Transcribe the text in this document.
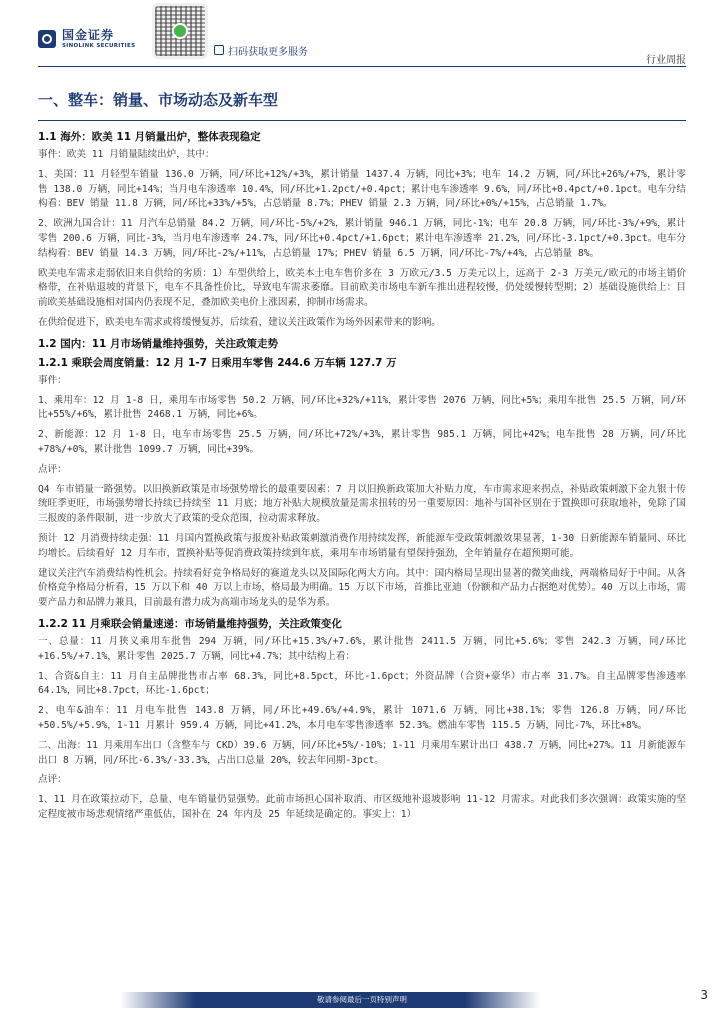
国金证券
SINOLINK SECURITIES
扫码获取更多服务
行业周报
一、整车：销量、市场动态及新车型
1.1 海外：欧美 11 月销量出炉，整体表现稳定

事件：欧美 11 月销量陆续出炉，其中：

1、美国：11 月轻型车销量 136.0 万辆，同/环比+12%/+3%，累计销量 1437.4 万辆，同比+3%；电车 14.2 万辆，同/环比+26%/+7%，累计零售 138.0 万辆，同比+14%；当月电车渗透率 10.4%，同/环比+1.2pct/+0.4pct；累计电车渗透率 9.6%，同/环比+0.4pct/+0.1pct。电车分结构看：BEV 销量 11.8 万辆，同/环比+33%/+5%，占总销量 8.7%；PHEV 销量 2.3 万辆，同/环比+0%/+15%，占总销量 1.7%。

2、欧洲九国合计：11 月汽车总销量 84.2 万辆，同/环比-5%/+2%，累计销量 946.1 万辆，同比-1%；电车 20.8 万辆，同/环比-3%/+9%，累计零售 200.6 万辆，同比-3%，当月电车渗透率 24.7%，同/环比+0.4pct/+1.6pct；累计电车渗透率 21.2%，同/环比-3.1pct/+0.3pct。电车分结构看：BEV 销量 14.3 万辆，同/环比-2%/+11%，占总销量 17%；PHEV 销量 6.5 万辆，同/环比-7%/+4%，占总销量 8%。

欧美电车需求走弱依旧来自供给的劣质：1）车型供给上，欧美本土电车售价多在 3 万欧元/3.5 万美元以上，远高于 2-3 万美元/欧元的市场主销价格带，在补贴退坡的背景下，电车不具备性价比，导致电车需求萎靡。目前欧美市场电车新车推出进程较慢，仍处缓慢转型期；2）基础设施供给上：目前欧美基础设施相对国内仍表现不足，叠加欧美电价上涨因素，抑制市场需求。

在供给促进下，欧美电车需求或将缓慢复苏，后续看，建议关注政策作为场外因素带来的影响。

1.2 国内：11 月市场销量维持强势，关注政策走势
1.2.1 乘联会周度销量：12 月 1-7 日乘用车零售 244.6 万车辆 127.7 万

事件：

1、乘用车：12 月 1-8 日，乘用车市场零售 50.2 万辆，同/环比+32%/+11%，累计零售 2076 万辆，同比+5%；乘用车批售 25.5 万辆，同/环比+55%/+6%，累计批售 2468.1 万辆，同比+6%。

2、新能源：12 月 1-8 日，电车市场零售 25.5 万辆，同/环比+72%/+3%，累计零售 985.1 万辆，同比+42%；电车批售 28 万辆，同/环比+78%/+0%，累计批售 1099.7 万辆，同比+39%。

点评：

Q4 车市销量一路强势。以旧换新政策是市场强势增长的最重要因素：7 月以旧换新政策加大补贴力度，车市需求迎来拐点，补贴政策刺激下金九银十传统旺季更旺，市场强势增长持续已持续至 11 月底；地方补贴大规模放量是需求扭转的另一重要原因：地补与国补区别在于置换即可获取地补，免除了国三报废的条件限制，进一步放大了政策的受众范围，拉动需求释放。

预计 12 月消费持续走强：11 月国内置换政策与报废补贴政策刺激消费作用持续发挥，新能源车受政策刺激效果显著，1-30 日新能源车销量同、环比均增长。后续看好 12 月车市，置换补贴等促消费政策持续到年底，乘用车市场销量有望保持强劲，全年销量存在超预期可能。

建议关注汽车消费结构性机会。持续看好竞争格局好的赛道龙头以及国际化两大方向。其中：国内格局呈现出显著的微笑曲线，两端格局好于中间。从各价格竞争格局分析看，15 万以下和 40 万以上市场，格局最为明确。15 万以下市场，首推比亚迪（份额和产品力占据绝对优势）。40 万以上市场，需要产品力和品牌力兼具，目前最有潜力成为高端市场龙头的是华为系。

1.2.2 11 月乘联会销量速递：市场销量维持强势，关注政策变化

一、总量：11 月狭义乘用车批售 294 万辆，同/环比+15.3%/+7.6%，累计批售 2411.5 万辆，同比+5.6%；零售 242.3 万辆，同/环比+16.5%/+7.1%，累计零售 2025.7 万辆，同比+4.7%；其中结构上看：

1、合资&自主：11 月自主品牌批售市占率 68.3%，同比+8.5pct，环比-1.6pct；外资品牌（合资+豪华）市占率 31.7%。自主品牌零售渗透率 64.1%，同比+8.7pct，环比-1.6pct；

2、电车&油车：11 月电车批售 143.8 万辆，同/环比+49.6%/+4.9%，累计 1071.6 万辆，同比+38.1%；零售 126.8 万辆，同/环比+50.5%/+5.9%，1-11 月累计 959.4 万辆，同比+41.2%，本月电车零售渗透率 52.3%。燃油车零售 115.5 万辆，同比-7%，环比+8%。

二、出海：11 月乘用车出口（含整车与 CKD）39.6 万辆，同/环比+5%/-10%；1-11 月乘用车累计出口 438.7 万辆，同比+27%。11 月新能源车出口 8 万辆，同/环比-6.3%/-33.3%，占出口总量 20%，较去年同期-3pct。

点评：

1、11 月在政策拉动下，总量、电车销量仍显强势。此前市场担心国补取消、市区级地补退坡影响 11-12 月需求。对此我们多次强调：政策实施的坚定程度被市场悲观情绪严重低估，国补在 24 年内及 25 年延续是确定的。事实上：1）

敬请参阅最后一页特别声明	3
